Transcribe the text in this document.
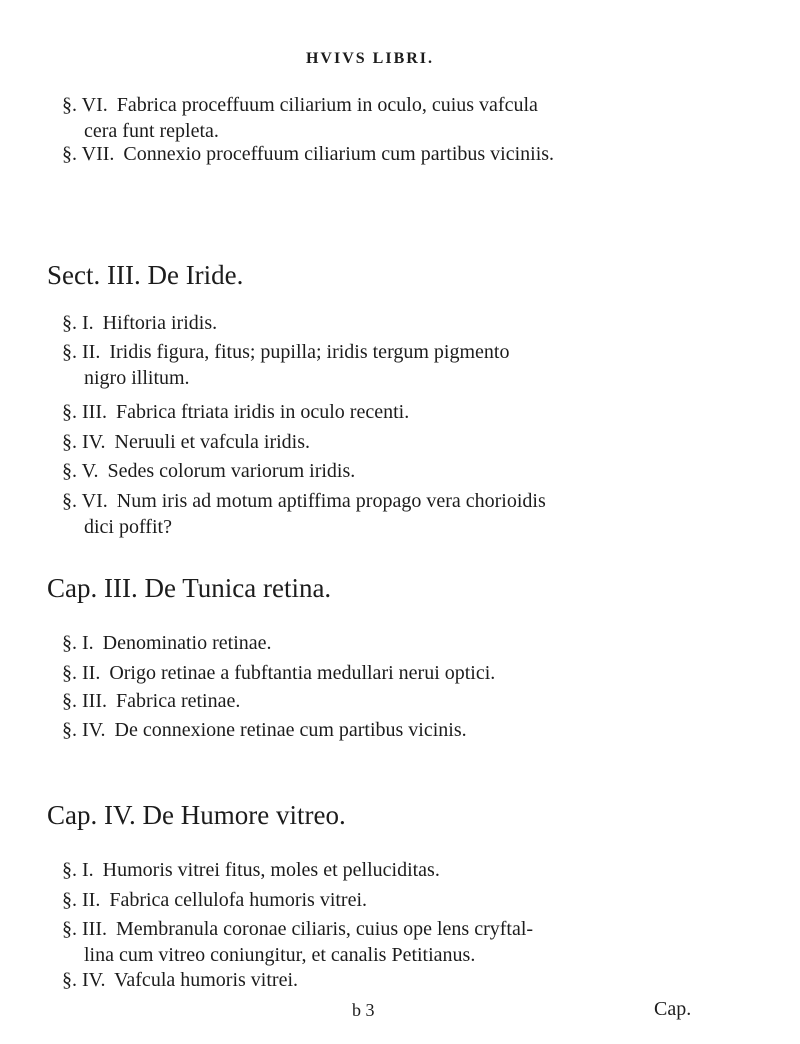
HVIVS LIBRI.
§. VI. Fabrica proceffuum ciliarium in oculo, cuius vafcula
cera funt repleta.
§. VII. Connexio proceffuum ciliarium cum partibus viciniis.
Sect. III. De Iride.
§. I. Hiftoria iridis.
§. II. Iridis figura, fitus; pupilla; iridis tergum pigmento
nigro illitum.
§. III. Fabrica ftriata iridis in oculo recenti.
§. IV. Neruuli et vafcula iridis.
§. V. Sedes colorum variorum iridis.
§. VI. Num iris ad motum aptiffima propago vera chorioidis
dici poffit?
Cap. III. De Tunica retina.
§. I. Denominatio retinae.
§. II. Origo retinae a fubftantia medullari nerui optici.
§. III. Fabrica retinae.
§. IV. De connexione retinae cum partibus vicinis.
Cap. IV. De Humore vitreo.
§. I. Humoris vitrei fitus, moles et pelluciditas.
§. II. Fabrica cellulofa humoris vitrei.
§. III. Membranula coronae ciliaris, cuius ope lens cryftal-
lina cum vitreo coniungitur, et canalis Petitianus.
§. IV. Vafcula humoris vitrei.
b 3	Cap.
